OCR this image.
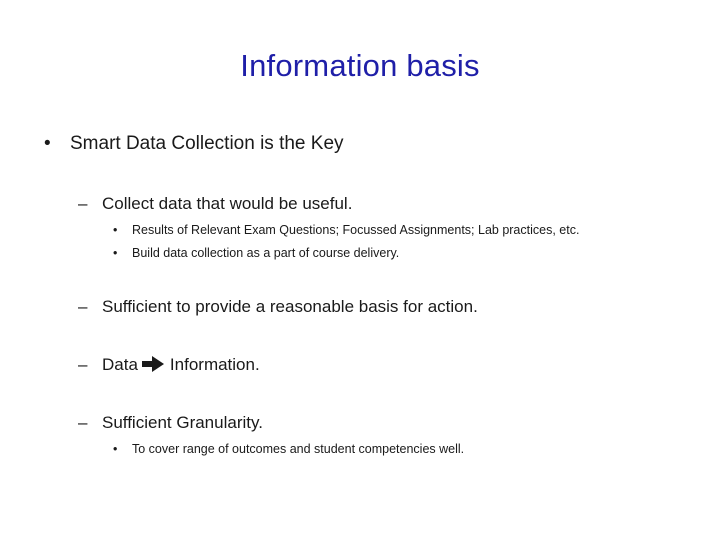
Information basis
• Smart Data Collection is the Key
– Collect data that would be useful.
• Results of Relevant Exam Questions; Focussed Assignments; Lab practices, etc.
• Build data collection as a part of course delivery.
– Sufficient to provide a reasonable basis for action.
– Data Information.
– Sufficient Granularity.
• To cover range of outcomes and student competencies well.
